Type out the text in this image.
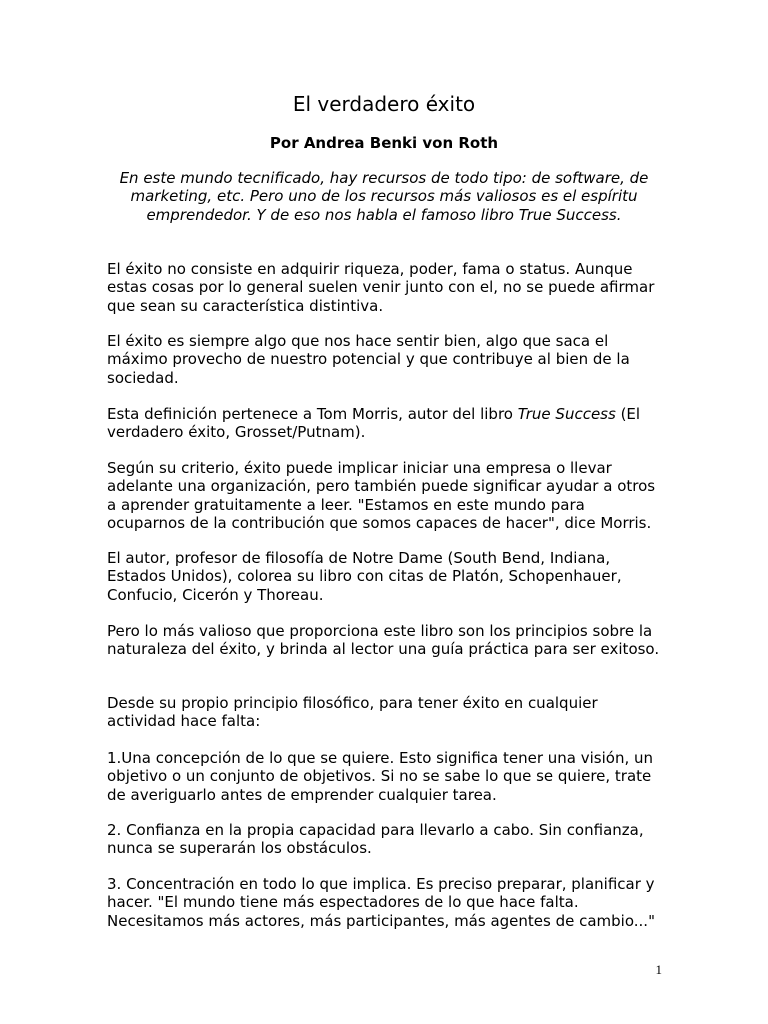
El verdadero éxito

Por Andrea Benki von Roth

En este mundo tecnificado, hay recursos de todo tipo: de software, de marketing, etc. Pero uno de los recursos más valiosos es el espíritu emprendedor. Y de eso nos habla el famoso libro True Success.

El éxito no consiste en adquirir riqueza, poder, fama o status. Aunque estas cosas por lo general suelen venir junto con el, no se puede afirmar que sean su característica distintiva.

El éxito es siempre algo que nos hace sentir bien, algo que saca el máximo provecho de nuestro potencial y que contribuye al bien de la sociedad.

Esta definición pertenece a Tom Morris, autor del libro True Success (El verdadero éxito, Grosset/Putnam).

Según su criterio, éxito puede implicar iniciar una empresa o llevar adelante una organización, pero también puede significar ayudar a otros a aprender gratuitamente a leer. "Estamos en este mundo para ocuparnos de la contribución que somos capaces de hacer", dice Morris.

El autor, profesor de filosofía de Notre Dame (South Bend, Indiana, Estados Unidos), colorea su libro con citas de Platón, Schopenhauer, Confucio, Cicerón y Thoreau.

Pero lo más valioso que proporciona este libro son los principios sobre la naturaleza del éxito, y brinda al lector una guía práctica para ser exitoso.

Desde su propio principio filosófico, para tener éxito en cualquier actividad hace falta:

1.Una concepción de lo que se quiere. Esto significa tener una visión, un objetivo o un conjunto de objetivos. Si no se sabe lo que se quiere, trate de averiguarlo antes de emprender cualquier tarea.

2. Confianza en la propia capacidad para llevarlo a cabo. Sin confianza, nunca se superarán los obstáculos.

3. Concentración en todo lo que implica. Es preciso preparar, planificar y hacer. "El mundo tiene más espectadores de lo que hace falta. Necesitamos más actores, más participantes, más agentes de cambio..."

1
